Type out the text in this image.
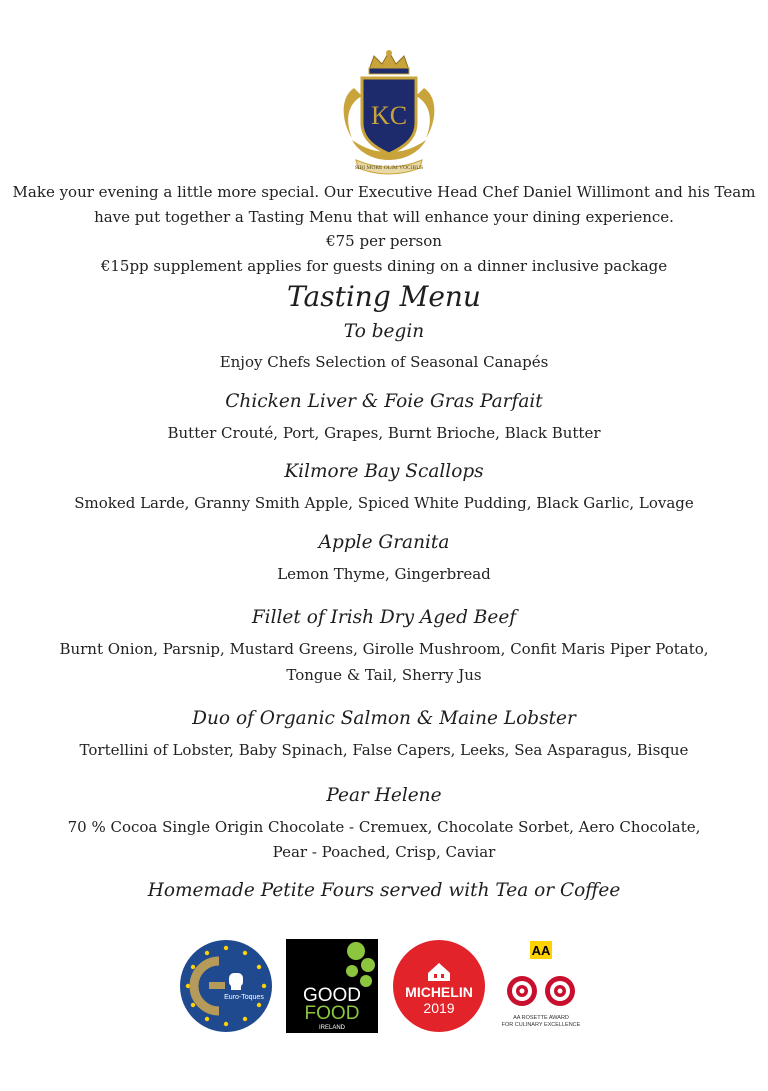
KC
SIBI MORE OLIM VOCIBUS
Make your evening a little more special. Our Executive Head Chef Daniel Willimont and his Team
have put together a Tasting Menu that will enhance your dining experience.
€75 per person
€15pp supplement applies for guests dining on a dinner inclusive package
Tasting Menu
To begin
Enjoy Chefs Selection of Seasonal Canapés
Chicken Liver & Foie Gras Parfait
Butter Crouté, Port, Grapes, Burnt Brioche, Black Butter
Kilmore Bay Scallops
Smoked Larde, Granny Smith Apple, Spiced White Pudding, Black Garlic, Lovage
Apple Granita
Lemon Thyme, Gingerbread
Fillet of Irish Dry Aged Beef
Burnt Onion, Parsnip, Mustard Greens, Girolle Mushroom, Confit Maris Piper Potato,
Tongue & Tail, Sherry Jus
Duo of Organic Salmon & Maine Lobster
Tortellini of Lobster, Baby Spinach, False Capers, Leeks, Sea Asparagus, Bisque
Pear Helene
70 % Cocoa Single Origin Chocolate - Cremuex, Chocolate Sorbet, Aero Chocolate,
Pear - Poached, Crisp, Caviar
Homemade Petite Fours served with Tea or Coffee
Euro-Toques GOOD
FOOD
IRELAND
MICHELIN
2019
AA
AA ROSETTE AWARD
FOR CULINARY EXCELLENCE
